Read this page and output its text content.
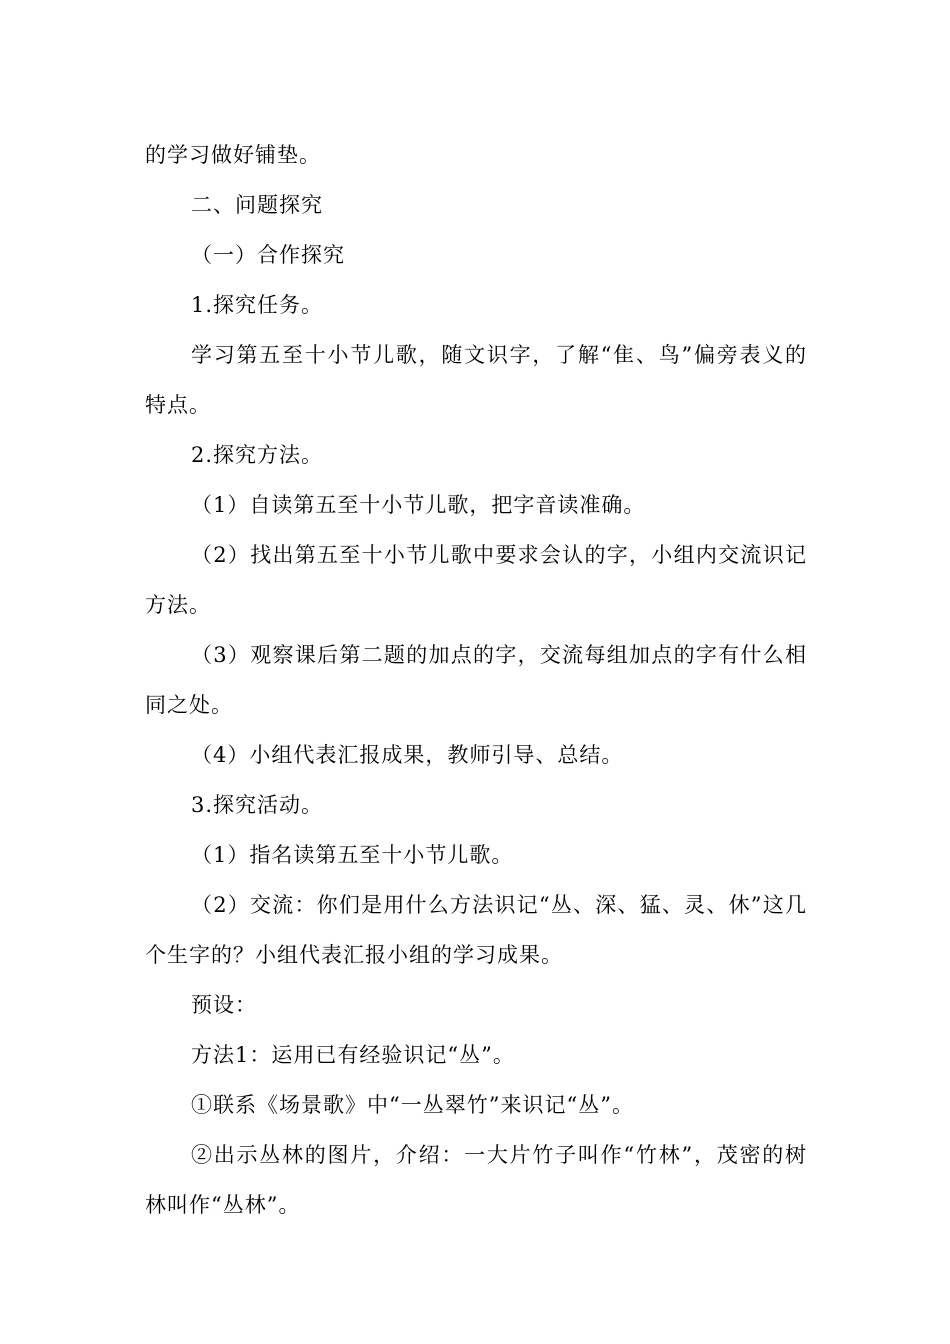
的学习做好铺垫。

二、问题探究

（一）合作探究

1.探究任务。

学习第五至十小节儿歌，随文识字，了解“隹、鸟”偏旁表义的特点。

2.探究方法。

（1）自读第五至十小节儿歌，把字音读准确。

（2）找出第五至十小节儿歌中要求会认的字，小组内交流识记方法。

（3）观察课后第二题的加点的字，交流每组加点的字有什么相同之处。

（4）小组代表汇报成果，教师引导、总结。

3.探究活动。

（1）指名读第五至十小节儿歌。

（2）交流：你们是用什么方法识记“丛、深、猛、灵、休”这几个生字的？小组代表汇报小组的学习成果。

预设：

方法1：运用已有经验识记“丛”。

①联系《场景歌》中“一丛翠竹”来识记“丛”。

②出示丛林的图片，介绍：一大片竹子叫作“竹林”，茂密的树林叫作“丛林”。
